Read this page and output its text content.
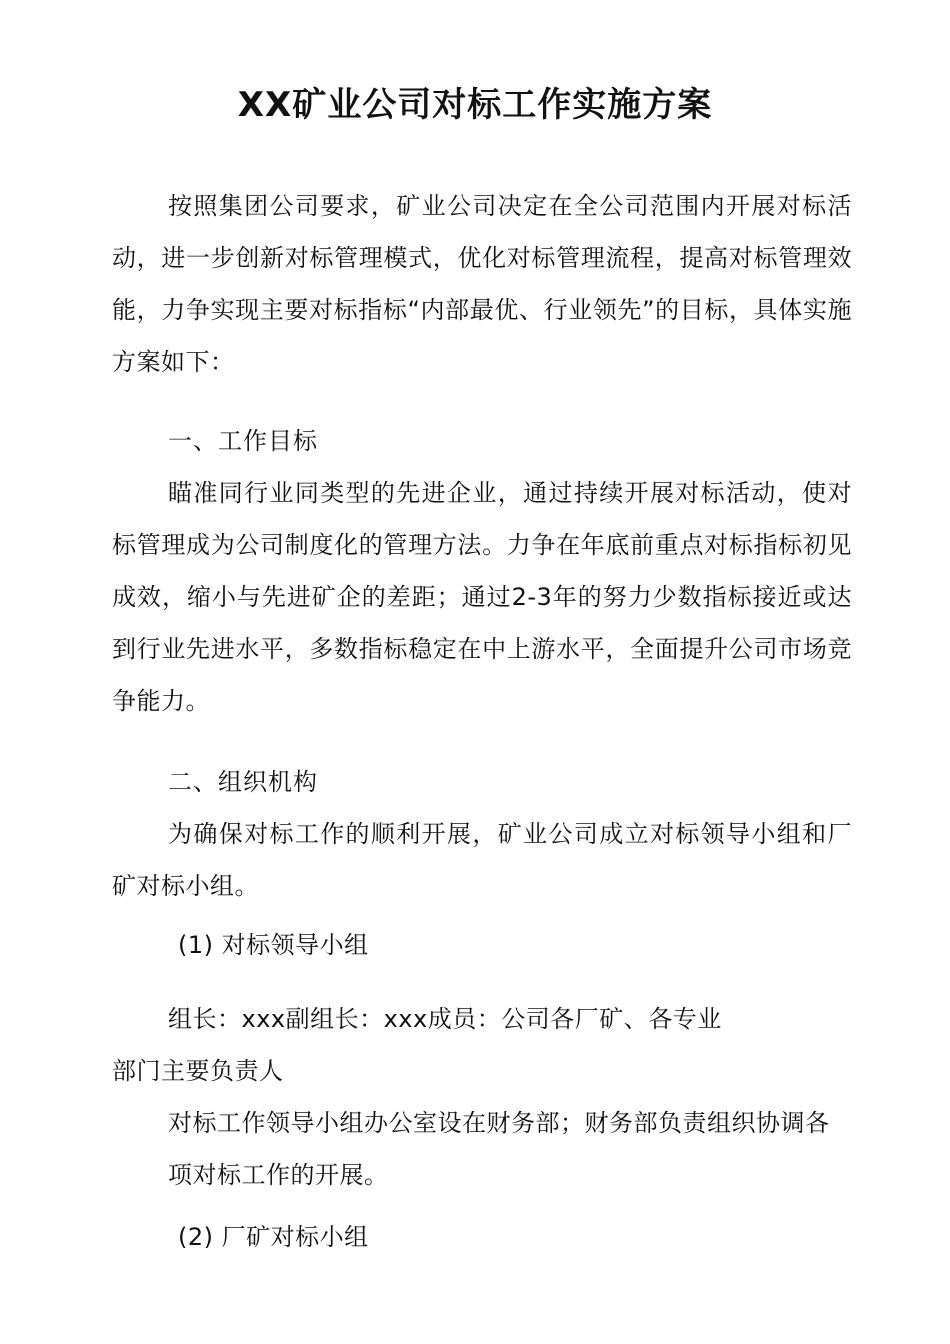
XX矿业公司对标工作实施方案

按照集团公司要求，矿业公司决定在全公司范围内开展对标活动，进一步创新对标管理模式，优化对标管理流程，提高对标管理效能，力争实现主要对标指标“内部最优、行业领先”的目标，具体实施方案如下：

一、工作目标

瞄准同行业同类型的先进企业，通过持续开展对标活动，使对标管理成为公司制度化的管理方法。力争在年底前重点对标指标初见成效，缩小与先进矿企的差距；通过2-3年的努力少数指标接近或达到行业先进水平，多数指标稳定在中上游水平，全面提升公司市场竞争能力。

二、组织机构

为确保对标工作的顺利开展，矿业公司成立对标领导小组和厂矿对标小组。

(1) 对标领导小组

组长：xxx副组长：xxx成员：公司各厂矿、各专业

部门主要负责人

对标工作领导小组办公室设在财务部；财务部负责组织协调各

项对标工作的开展。

(2) 厂矿对标小组
